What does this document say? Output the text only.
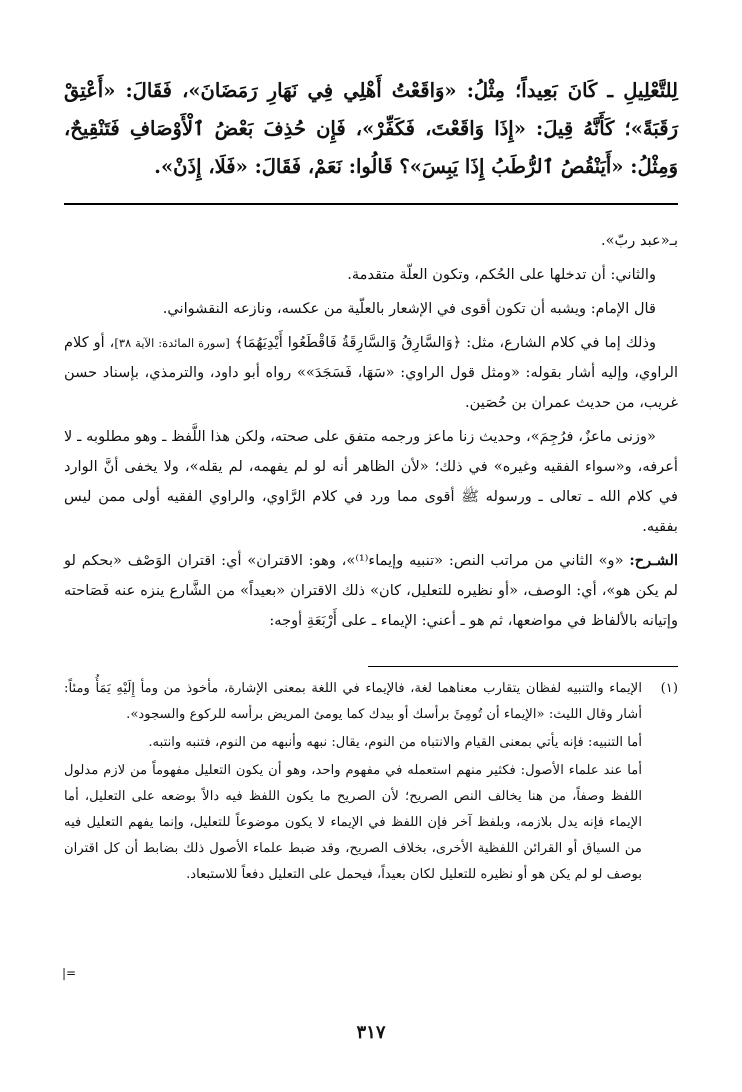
لِلتَّعْلِيلِ ـ كَانَ بَعِيداً؛ مِثْلُ: «وَاقَعْتُ أَهْلِي فِي نَهَارِ رَمَضَانَ»، فَقَالَ: «أَعْتِقْ رَقَبَةً»؛ كَأَنَّهُ قِيلَ: «إِذَا وَاقَعْتَ، فَكَفِّرْ»، فَإِن حُذِفَ بَعْضُ ٱلْأَوْصَافِ فَتَنْقِيحٌ، وَمِثْلُ: «أَيَنْقُصُ ٱلرُّطَبُ إِذَا يَبِسَ»؟ قَالُوا: نَعَمْ، فَقَالَ: «فَلَا، إِذَنْ».

بـ«عبد ربّ».

والثاني: أن تدخلها على الحُكم، وتكون العلّة متقدمة.

قال الإمام: ويشبه أن تكون أقوى في الإشعار بالعلّية من عكسه، ونازعه النقشواني.

وذلك إما في كلام الشارع، مثل: ﴿وَالسَّارِقُ وَالسَّارِقَةُ فَاقْطَعُوا أَيْدِيَهُمَا﴾ [سورة المائدة: الآية ٣٨]، أو كلام الراوي، وإليه أشار بقوله: «ومثل قول الراوي: «سَهَا، فَسَجَدَ»» رواه أبو داود، والترمذي، بإسناد حسن غريب، من حديث عمران بن حُصَين.

«وزنى ماعزٌ، فرُجِمَ»، وحديث زنا ماعز ورجمه متفق على صحته، ولكن هذا اللَّفظ ـ وهو مطلوبه ـ لا أعرفه، و«سواء الفقيه وغيره» في ذلك؛ «لأن الظاهر أنه لو لم يفهمه، لم يقله»، ولا يخفى أنَّ الوارد في كلام الله ـ تعالى ـ ورسوله ﷺ أقوى مما ورد في كلام الرَّاوي، والراوي الفقيه أولى ممن ليس بفقيه.

الشـرح: «و» الثاني من مراتب النص: «تنبيه وإيماء⁽¹⁾»، وهو: الاقتران» أي: اقتران الوَصْف «بحكم لو لم يكن هو»، أي: الوصف، «أو نظيره للتعليل، كان» ذلك الاقتران «بعيداً» من الشَّارع ينزه عنه فَصَاحته وإتيانه بالألفاظ في مواضعها، ثم هو ـ أعني: الإيماء ـ على أَرْبَعَةِ أوجه:

(١)

الإيماء والتنبيه لفظان يتقارب معناهما لغة، فالإيماء في اللغة بمعنى الإشارة، مأخوذ من ومأ إِلَيْهِ يَمَأُ ومئاً: أشار وقال الليث: «الإيماء أن تُومِئَ برأسك أو بيدك كما يومئ المريض برأسه للركوع والسجود».

أما التنبيه: فإنه يأتي بمعنى القيام والانتباه من النوم، يقال: نبهه وأنبهه من النوم، فتنبه وانتبه.

أما عند علماء الأصول: فكثير منهم استعمله في مفهوم واحد، وهو أن يكون التعليل مفهوماً من لازم مدلول اللفظ وصفاً، من هنا يخالف النص الصريح؛ لأن الصريح ما يكون اللفظ فيه دالاً بوضعه على التعليل، أما الإيماء فإنه يدل بلازمه، وبلفظ آخر فإن اللفظ في الإيماء لا يكون موضوعاً للتعليل، وإنما يفهم التعليل فيه من السياق أو القرائن اللفظية الأخرى، بخلاف الصريح، وقد ضبط علماء الأصول ذلك بضابط أن كل اقتران بوصف لو لم يكن هو أو نظيره للتعليل لكان بعيداً، فيحمل على التعليل دفعاً للاستبعاد.

=|
٣١٧
